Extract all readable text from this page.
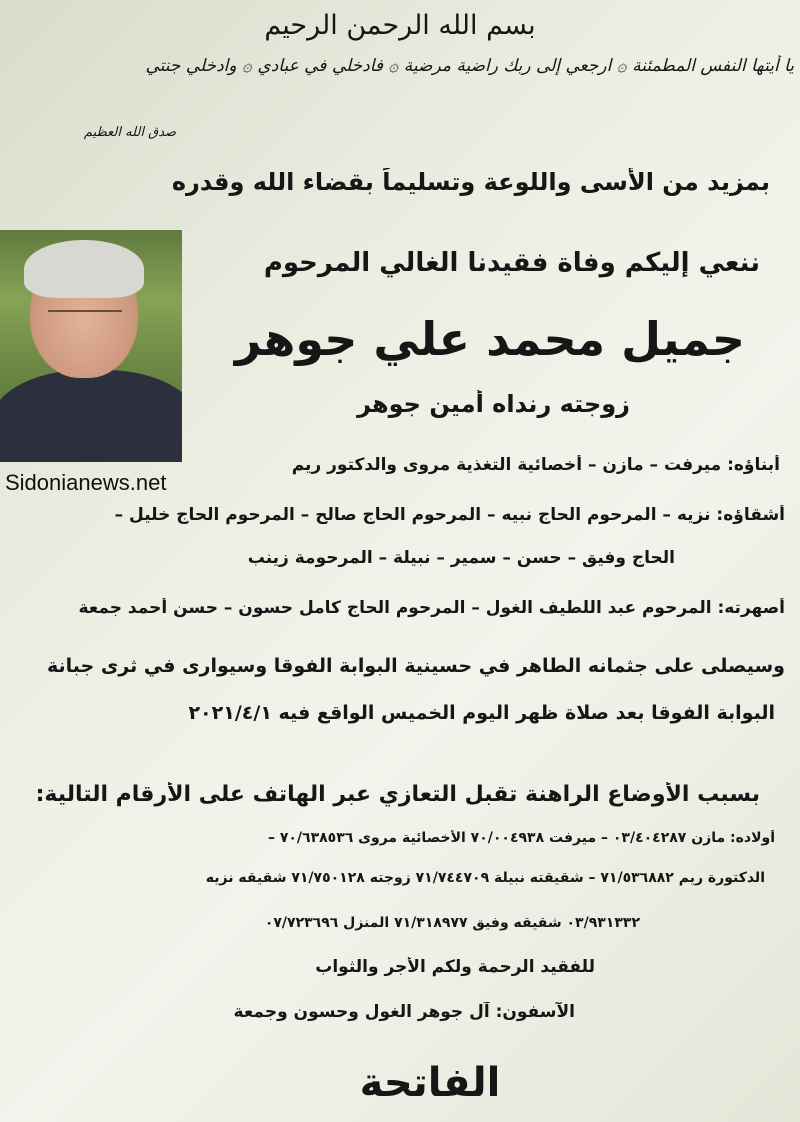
بسم الله الرحمن الرحيم
يا أيتها النفس المطمئنة ۞ ارجعي إلى ربك راضية مرضية ۞ فادخلي في عبادي ۞ وادخلي جنتي
صدق الله العظيم
بمزيد من الأسى واللوعة وتسليماً بقضاء الله وقدره
ننعي إليكم وفاة فقيدنا الغالي المرحوم
جميل محمد علي جوهر
زوجته رنداه أمين جوهر
Sidonianews.net
أبناؤه: ميرفت – مازن – أخصائية التغذية مروى والدكتور ريم
أشقاؤه: نزيه – المرحوم الحاج نبيه – المرحوم الحاج صالح – المرحوم الحاج خليل –
الحاج وفيق – حسن – سمير – نبيلة – المرحومة زينب
أصهرته: المرحوم عبد اللطيف الغول – المرحوم الحاج كامل حسون – حسن أحمد جمعة
وسيصلى على جثمانه الطاهر في حسينية البوابة الفوقا وسيوارى في ثرى جبانة
البوابة الفوقا بعد صلاة ظهر اليوم الخميس الواقع فيه ٢٠٢١/٤/١
بسبب الأوضاع الراهنة تقبل التعازي عبر الهاتف على الأرقام التالية:
أولاده: مازن ٠٣/٤٠٤٢٨٧ – ميرفت ٧٠/٠٠٤٩٣٨ الأخصائية مروى ٧٠/٦٣٨٥٣٦ –
الدكتورة ريم ٧١/٥٣٦٨٨٢ – شقيقته نبيلة ٧١/٧٤٤٧٠٩ زوجته ٧١/٧٥٠١٢٨ شقيقه نزيه
٠٣/٩٣١٣٣٢ شقيقه وفيق ٧١/٣١٨٩٧٧ المنزل ٠٧/٧٢٣٦٩٦
للفقيد الرحمة ولكم الأجر والثواب
الآسفون: آل جوهر الغول وحسون وجمعة
الفاتحة
